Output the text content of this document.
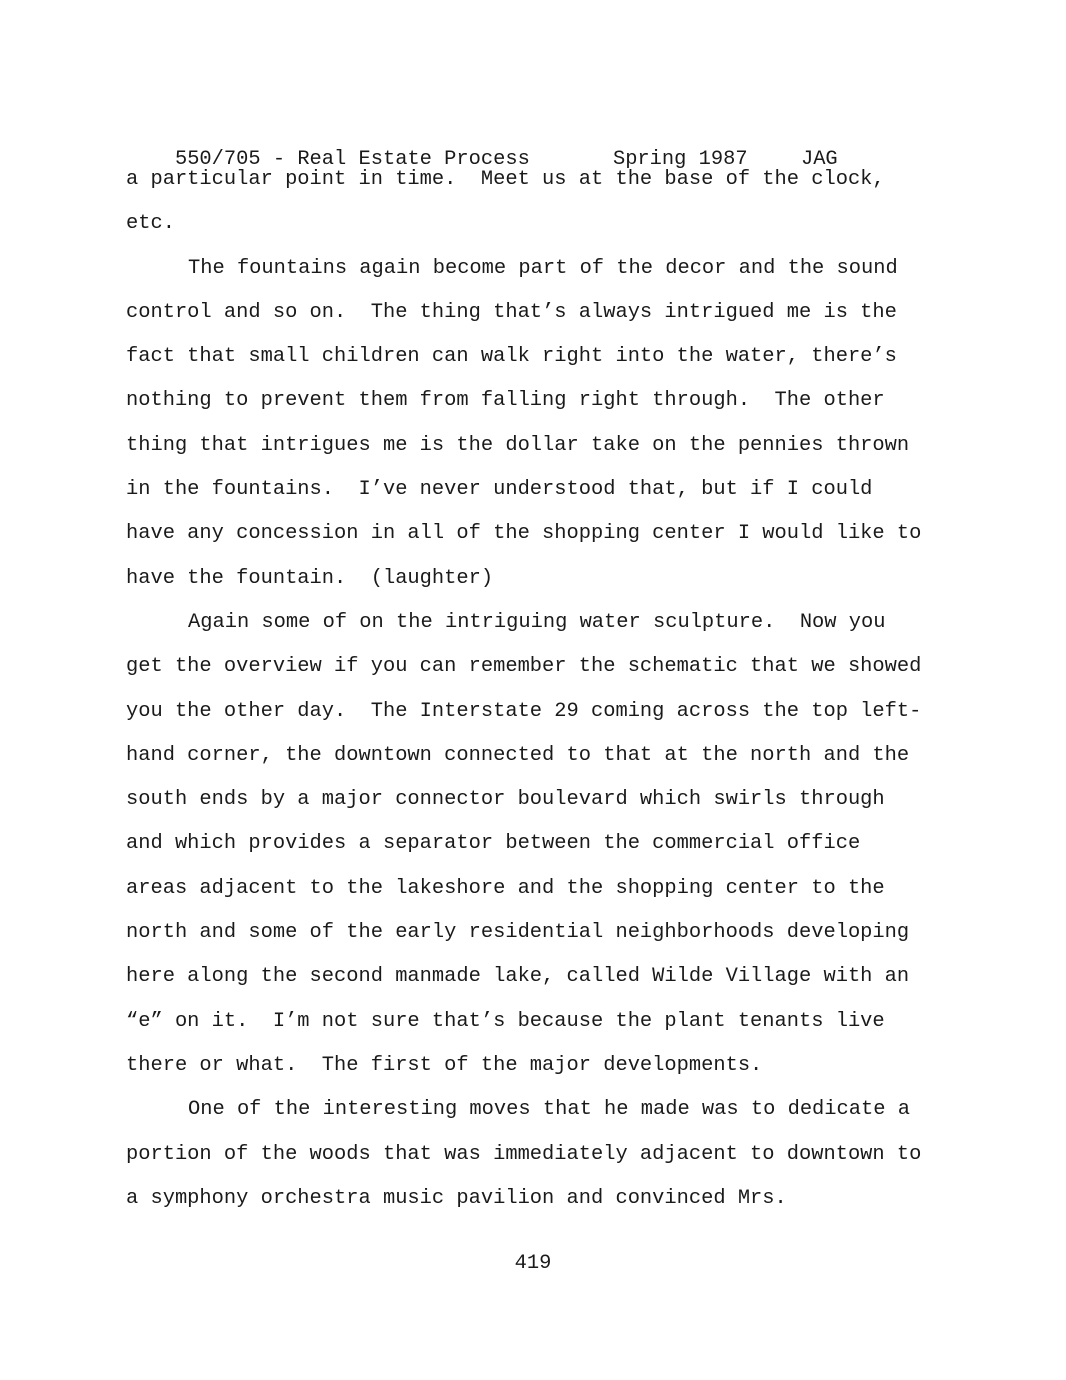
550/705 - Real Estate Process	Spring 1987	JAG

a particular point in time.  Meet us at the base of the clock,
etc.
The fountains again become part of the decor and the sound
control and so on.  The thing that’s always intrigued me is the
fact that small children can walk right into the water, there’s
nothing to prevent them from falling right through.  The other
thing that intrigues me is the dollar take on the pennies thrown
in the fountains.  I’ve never understood that, but if I could
have any concession in all of the shopping center I would like to
have the fountain.  (laughter)
Again some of on the intriguing water sculpture.  Now you
get the overview if you can remember the schematic that we showed
you the other day.  The Interstate 29 coming across the top left-
hand corner, the downtown connected to that at the north and the
south ends by a major connector boulevard which swirls through
and which provides a separator between the commercial office
areas adjacent to the lakeshore and the shopping center to the
north and some of the early residential neighborhoods developing
here along the second manmade lake, called Wilde Village with an
“e” on it.  I’m not sure that’s because the plant tenants live
there or what.  The first of the major developments.
One of the interesting moves that he made was to dedicate a
portion of the woods that was immediately adjacent to downtown to
a symphony orchestra music pavilion and convinced Mrs.
419
